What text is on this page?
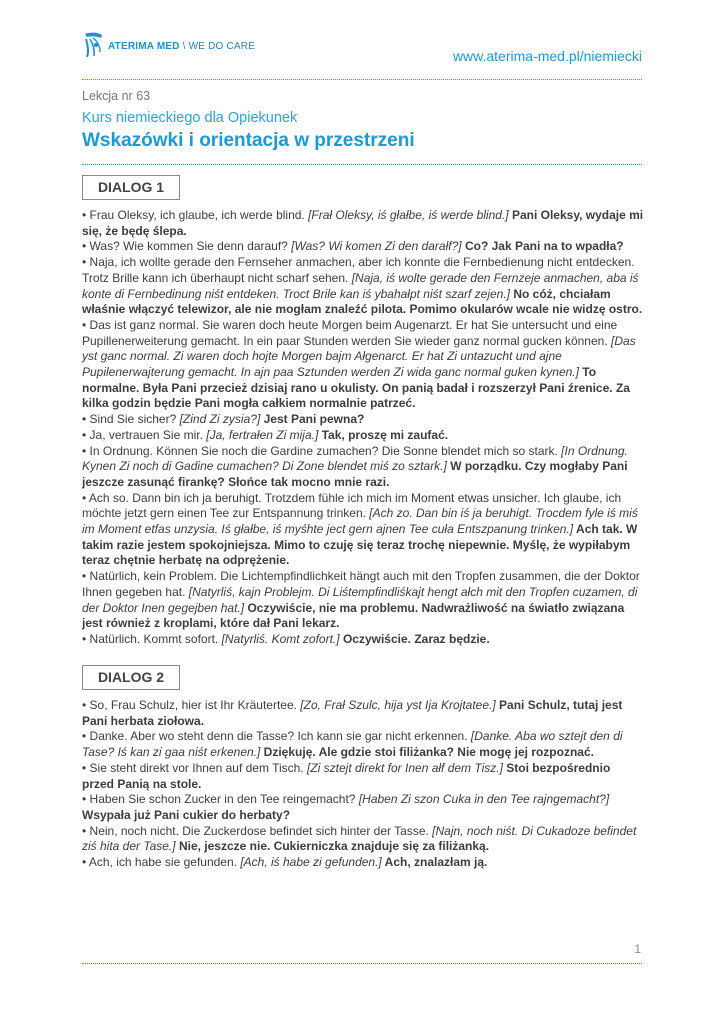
ATERIMA MED \ WE DO CARE
www.aterima-med.pl/niemiecki
Lekcja nr 63
Kurs niemieckiego dla Opiekunek
Wskazówki i orientacja w przestrzeni
DIALOG 1

• Frau Oleksy, ich glaube, ich werde blind. [Frał Oleksy, iś głałbe, iś werde blind.] Pani Oleksy, wydaje mi się, że będę ślepa.

• Was? Wie kommen Sie denn darauf? [Was? Wi komen Zi den darałf?] Co? Jak Pani na to wpadła?

• Naja, ich wollte gerade den Fernseher anmachen, aber ich konnte die Fernbedienung nicht entdecken. Trotz Brille kann ich überhaupt nicht scharf sehen. [Naja, iś wolte gerade den Fernzeje anmachen, aba iś konte di Fernbedinung niśt entdeken. Troct Brile kan iś ybahałpt niśt szarf zejen.] No cóż, chciałam właśnie włączyć telewizor, ale nie mogłam znaleźć pilota. Pomimo okularów wcale nie widzę ostro.

• Das ist ganz normal. Sie waren doch heute Morgen beim Augenarzt. Er hat Sie untersucht und eine Pupillenerweiterung gemacht. In ein paar Stunden werden Sie wieder ganz normal gucken können. [Das yst ganc normal. Zi waren doch hojte Morgen bajm Ałgenarct. Er hat Zi untazucht und ajne Pupilenerwajterung gemacht. In ajn paa Sztunden werden Zi wida ganc normal guken kynen.] To normalne. Była Pani przecież dzisiaj rano u okulisty. On panią badał i rozszerzył Pani źrenice. Za kilka godzin będzie Pani mogła całkiem normalnie patrzeć.

• Sind Sie sicher? [Zind Zi zysia?] Jest Pani pewna?

• Ja, vertrauen Sie mir. [Ja, fertrałen Zi mija.] Tak, proszę mi zaufać.

• In Ordnung. Können Sie noch die Gardine zumachen? Die Sonne blendet mich so stark. [In Ordnung. Kynen Zi noch di Gadine cumachen? Di Zone blendet miś zo sztark.] W porządku. Czy mogłaby Pani jeszcze zasunąć firankę? Słońce tak mocno mnie razi.

• Ach so. Dann bin ich ja beruhigt. Trotzdem fühle ich mich im Moment etwas unsicher. Ich glaube, ich möchte jetzt gern einen Tee zur Entspannung trinken. [Ach zo. Dan bin iś ja beruhigt. Trocdem fyle iś miś im Moment etfas unzysia. Iś głałbe, iś myśhte ject gern ajnen Tee cuła Entszpanung trinken.] Ach tak. W takim razie jestem spokojniejsza. Mimo to czuję się teraz trochę niepewnie. Myślę, że wypiłabym teraz chętnie herbatę na odprężenie.

• Natürlich, kein Problem. Die Lichtempfindlichkeit hängt auch mit den Tropfen zusammen, die der Doktor Ihnen gegeben hat. [Natyrliś, kajn Problejm. Di Liśtempfindliśkajt hengt ałch mit den Tropfen cuzamen, di der Doktor Inen gegejben hat.] Oczywiście, nie ma problemu. Nadwrażliwość na światło związana jest również z kroplami, które dał Pani lekarz.

• Natürlich. Kommt sofort. [Natyrliś. Komt zofort.] Oczywiście. Zaraz będzie.

DIALOG 2

• So, Frau Schulz, hier ist Ihr Kräutertee. [Zo, Frał Szulc, hija yst Ija Krojtatee.] Pani Schulz, tutaj jest Pani herbata ziołowa.

• Danke. Aber wo steht denn die Tasse? Ich kann sie gar nicht erkennen. [Danke. Aba wo sztejt den di Tase? Iś kan zi gaa niśt erkenen.] Dziękuję. Ale gdzie stoi filiżanka? Nie mogę jej rozpoznać.

• Sie steht direkt vor Ihnen auf dem Tisch. [Zi sztejt direkt for Inen ałf dem Tisz.] Stoi bezpośrednio przed Panią na stole.

• Haben Sie schon Zucker in den Tee reingemacht? [Haben Zi szon Cuka in den Tee rajngemacht?] Wsypała już Pani cukier do herbaty?

• Nein, noch nicht. Die Zuckerdose befindet sich hinter der Tasse. [Najn, noch niśt. Di Cukadoze befindet ziś hita der Tase.] Nie, jeszcze nie. Cukierniczka znajduje się za filiżanką.

• Ach, ich habe sie gefunden. [Ach, iś habe zi gefunden.] Ach, znalazłam ją.

1
